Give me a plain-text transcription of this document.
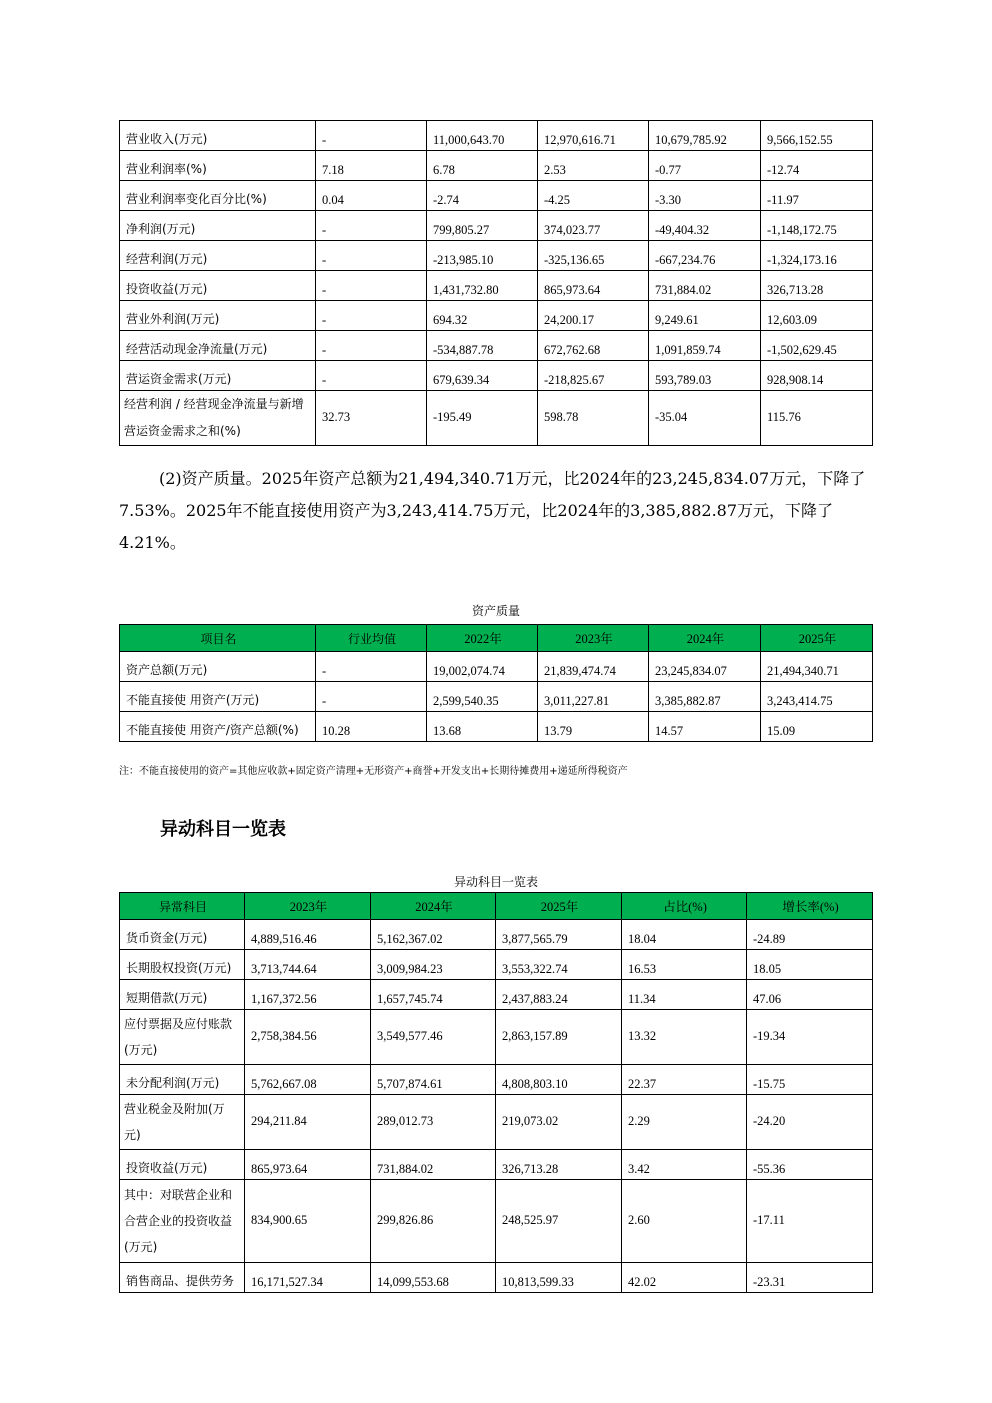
营业收入(万元)	-	11,000,643.70	12,970,616.71	10,679,785.92	9,566,152.55
营业利润率(%)	7.18	6.78	2.53	-0.77	-12.74
营业利润率变化百分比(%)	0.04	-2.74	-4.25	-3.30	-11.97
净利润(万元)	-	799,805.27	374,023.77	-49,404.32	-1,148,172.75
经营利润(万元)	-	-213,985.10	-325,136.65	-667,234.76	-1,324,173.16
投资收益(万元)	-	1,431,732.80	865,973.64	731,884.02	326,713.28
营业外利润(万元)	-	694.32	24,200.17	9,249.61	12,603.09
经营活动现金净流量(万元)	-	-534,887.78	672,762.68	1,091,859.74	-1,502,629.45
营运资金需求(万元)	-	679,639.34	-218,825.67	593,789.03	928,908.14
经营利润 / 经营现金净流量与新增营运资金需求之和(%)	32.73	-195.49	598.78	-35.04	115.76

(2)资产质量。2025年资产总额为21,494,340.71万元，比2024年的23,245,834.07万元，下降了7.53%。2025年不能直接使用资产为3,243,414.75万元，比2024年的3,385,882.87万元，下降了4.21%。

资产质量
项目名	行业均值	2022年	2023年	2024年	2025年
资产总额(万元)	-	19,002,074.74	21,839,474.74	23,245,834.07	21,494,340.71
不能直接使 用资产(万元)	-	2,599,540.35	3,011,227.81	3,385,882.87	3,243,414.75
不能直接使 用资产/资产总额(%)	10.28	13.68	13.79	14.57	15.09
注：不能直接使用的资产=其他应收款+固定资产清理+无形资产+商誉+开发支出+长期待摊费用+递延所得税资产
异动科目一览表
异动科目一览表
异常科目	2023年	2024年	2025年	占比(%)	增长率(%)
货币资金(万元)	4,889,516.46	5,162,367.02	3,877,565.79	18.04	-24.89
长期股权投资(万元)	3,713,744.64	3,009,984.23	3,553,322.74	16.53	18.05
短期借款(万元)	1,167,372.56	1,657,745.74	2,437,883.24	11.34	47.06
应付票据及应付账款(万元)	2,758,384.56	3,549,577.46	2,863,157.89	13.32	-19.34
未分配利润(万元)	5,762,667.08	5,707,874.61	4,808,803.10	22.37	-15.75
营业税金及附加(万元)	294,211.84	289,012.73	219,073.02	2.29	-24.20
投资收益(万元)	865,973.64	731,884.02	326,713.28	3.42	-55.36
其中：对联营企业和合营企业的投资收益(万元)	834,900.65	299,826.86	248,525.97	2.60	-17.11
销售商品、提供劳务	16,171,527.34	14,099,553.68	10,813,599.33	42.02	-23.31
